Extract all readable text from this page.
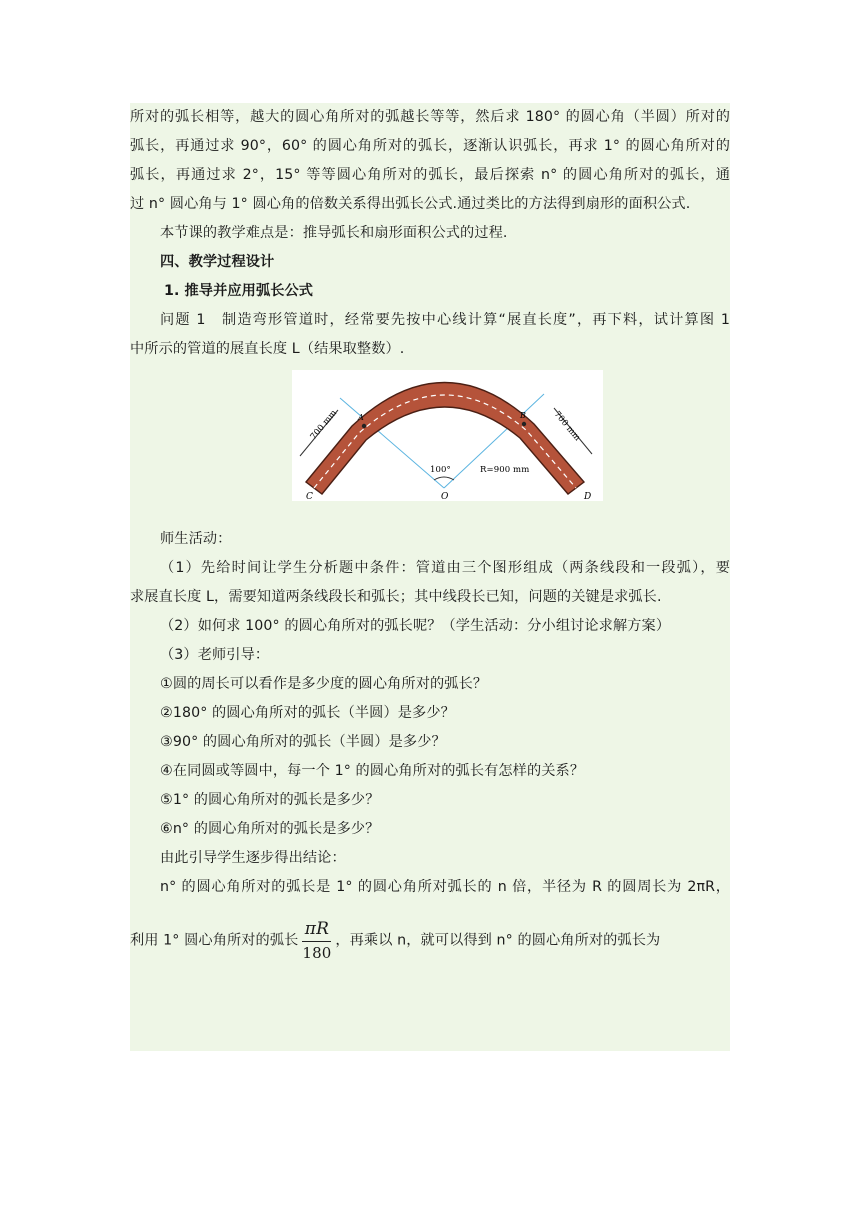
所对的弧长相等，越大的圆心角所对的弧越长等等，然后求 180° 的圆心角（半圆）所对的
弧长，再通过求 90°，60° 的圆心角所对的弧长，逐渐认识弧长，再求 1° 的圆心角所对的
弧长，再通过求 2°，15° 等等圆心角所对的弧长，最后探索 n° 的圆心角所对的弧长，通
过 n° 圆心角与 1° 圆心角的倍数关系得出弧长公式.通过类比的方法得到扇形的面积公式.
本节课的教学难点是：推导弧长和扇形面积公式的过程.
四、教学过程设计
1. 推导并应用弧长公式
问题 1　制造弯形管道时，经常要先按中心线计算“展直长度”，再下料，试计算图 1
中所示的管道的展直长度 L（结果取整数）.
700 mm	700 mm
100°	R=900 mm
C	O	D
A	B
师生活动：
（1）先给时间让学生分析题中条件：管道由三个图形组成（两条线段和一段弧），要
求展直长度 L，需要知道两条线段长和弧长；其中线段长已知，问题的关键是求弧长.
（2）如何求 100° 的圆心角所对的弧长呢？（学生活动：分小组讨论求解方案）
（3）老师引导：
①圆的周长可以看作是多少度的圆心角所对的弧长？
②180° 的圆心角所对的弧长（半圆）是多少？
③90° 的圆心角所对的弧长（半圆）是多少？
④在同圆或等圆中，每一个 1° 的圆心角所对的弧长有怎样的关系？
⑤1° 的圆心角所对的弧长是多少？
⑥n° 的圆心角所对的弧长是多少？
由此引导学生逐步得出结论：
n° 的圆心角所对的弧长是 1° 的圆心角所对弧长的 n 倍，半径为 R 的圆周长为 2πR，
利用 1° 圆心角所对的弧长 $\frac{\pi R}{180}$ ，再乘以 n，就可以得到 n° 的圆心角所对的弧长为
